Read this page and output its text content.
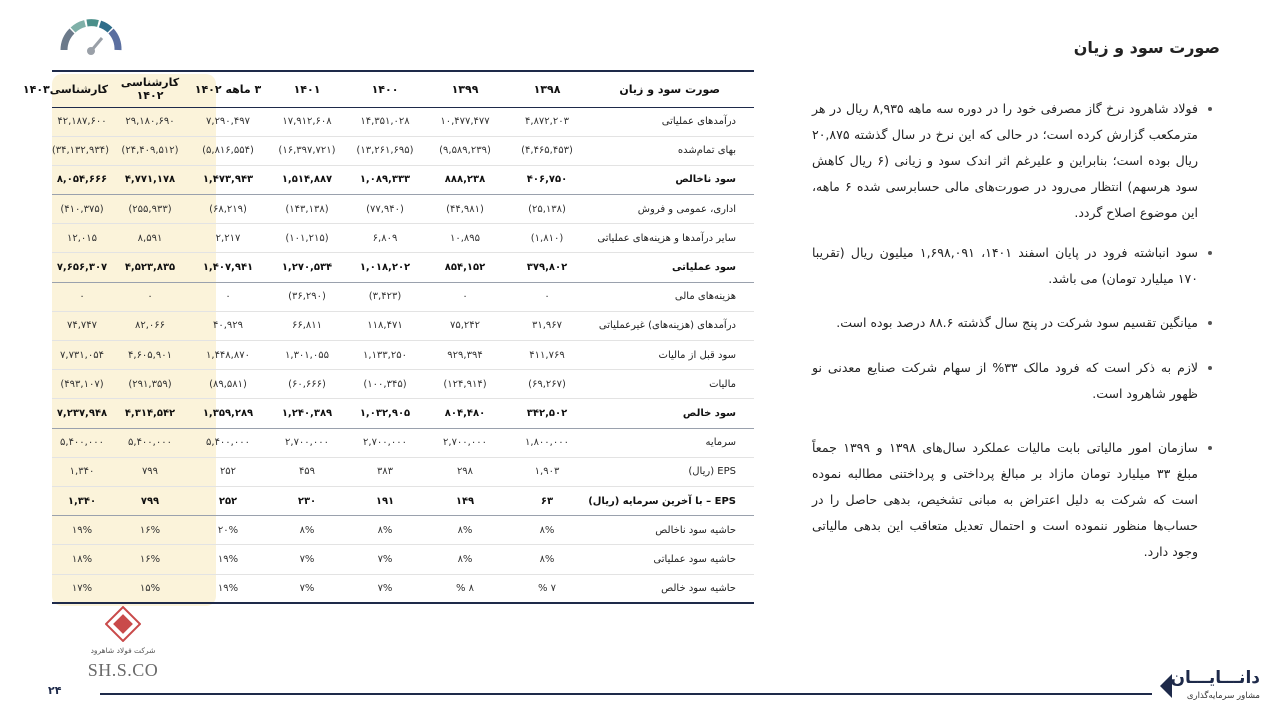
صورت سود و زیان
صورت سود و زیان	۱۳۹۸	۱۳۹۹	۱۴۰۰	۱۴۰۱	۳ ماهه ۱۴۰۲	کارشناسی ۱۴۰۲	کارشناسی۱۴۰۳
درآمدهای عملیاتی	۴,۸۷۲,۲۰۳	۱۰,۴۷۷,۴۷۷	۱۴,۳۵۱,۰۲۸	۱۷,۹۱۲,۶۰۸	۷,۲۹۰,۴۹۷	۲۹,۱۸۰,۶۹۰	۴۲,۱۸۷,۶۰۰
بهای تمام‌شده	(۴,۴۶۵,۴۵۳)	(۹,۵۸۹,۲۳۹)	(۱۳,۲۶۱,۶۹۵)	(۱۶,۳۹۷,۷۲۱)	(۵,۸۱۶,۵۵۴)	(۲۴,۴۰۹,۵۱۲)	(۳۴,۱۳۲,۹۳۴)
سود ناخالص	۴۰۶,۷۵۰	۸۸۸,۲۳۸	۱,۰۸۹,۳۳۳	۱,۵۱۴,۸۸۷	۱,۴۷۳,۹۴۳	۴,۷۷۱,۱۷۸	۸,۰۵۴,۶۶۶
اداری، عمومی و فروش	(۲۵,۱۳۸)	(۴۴,۹۸۱)	(۷۷,۹۴۰)	(۱۴۳,۱۳۸)	(۶۸,۲۱۹)	(۲۵۵,۹۳۳)	(۴۱۰,۳۷۵)
سایر درآمدها و هزینه‌های عملیاتی	(۱,۸۱۰)	۱۰,۸۹۵	۶,۸۰۹	(۱۰۱,۲۱۵)	۲,۲۱۷	۸,۵۹۱	۱۲,۰۱۵
سود عملیاتی	۳۷۹,۸۰۲	۸۵۴,۱۵۲	۱,۰۱۸,۲۰۲	۱,۲۷۰,۵۳۴	۱,۴۰۷,۹۴۱	۴,۵۲۳,۸۳۵	۷,۶۵۶,۳۰۷
هزینه‌های مالی	۰	۰	(۳,۴۲۳)	(۳۶,۲۹۰)	۰	۰	۰
درآمدهای (هزینه‌های) غیرعملیاتی	۳۱,۹۶۷	۷۵,۲۴۲	۱۱۸,۴۷۱	۶۶,۸۱۱	۴۰,۹۲۹	۸۲,۰۶۶	۷۴,۷۴۷
سود قبل از مالیات	۴۱۱,۷۶۹	۹۲۹,۳۹۴	۱,۱۳۳,۲۵۰	۱,۳۰۱,۰۵۵	۱,۴۴۸,۸۷۰	۴,۶۰۵,۹۰۱	۷,۷۳۱,۰۵۴
مالیات	(۶۹,۲۶۷)	(۱۲۴,۹۱۴)	(۱۰۰,۳۴۵)	(۶۰,۶۶۶)	(۸۹,۵۸۱)	(۲۹۱,۳۵۹)	(۴۹۳,۱۰۷)
سود خالص	۳۴۲,۵۰۲	۸۰۴,۴۸۰	۱,۰۳۲,۹۰۵	۱,۲۴۰,۳۸۹	۱,۳۵۹,۲۸۹	۴,۳۱۴,۵۴۲	۷,۲۳۷,۹۴۸
سرمایه	۱,۸۰۰,۰۰۰	۲,۷۰۰,۰۰۰	۲,۷۰۰,۰۰۰	۲,۷۰۰,۰۰۰	۵,۴۰۰,۰۰۰	۵,۴۰۰,۰۰۰	۵,۴۰۰,۰۰۰
EPS (ریال)	۱,۹۰۳	۲۹۸	۳۸۳	۴۵۹	۲۵۲	۷۹۹	۱,۳۴۰
EPS – با آخرین سرمایه (ریال)	۶۳	۱۴۹	۱۹۱	۲۳۰	۲۵۲	۷۹۹	۱,۳۴۰
حاشیه سود ناخالص	۸%	۸%	۸%	۸%	۲۰%	۱۶%	۱۹%
حاشیه سود عملیاتی	۸%	۸%	۷%	۷%	۱۹%	۱۶%	۱۸%
حاشیه سود خالص	۷ %	۸ %	۷%	۷%	۱۹%	۱۵%	۱۷%
فولاد شاهرود نرخ گاز مصرفی خود را در دوره سه ماهه ۸,۹۳۵ ریال در هر مترمکعب گزارش کرده است؛ در حالی که این نرخ در سال گذشته ۲۰,۸۷۵ ریال بوده است؛ بنابراین و علیرغم اثر اندک سود و زیانی (۶ ریال کاهش سود هرسهم) انتظار می‌رود در صورت‌های مالی حسابرسی شده ۶ ماهه، این موضوع اصلاح گردد.
سود انباشته فرود در پایان اسفند ۱۴۰۱، ۱,۶۹۸,۰۹۱ میلیون ریال (تقریبا ۱۷۰ میلیارد تومان) می باشد.
میانگین تقسیم سود شرکت در پنج سال گذشته ۸۸.۶ درصد بوده است.
لازم به ذکر است که فرود مالک ۳۳% از سهام شرکت صنایع معدنی نو ظهور شاهرود است.
سازمان امور مالیاتی بابت مالیات عملکرد سال‌های ۱۳۹۸ و ۱۳۹۹ جمعاً مبلغ ۳۳ میلیارد تومان مازاد بر مبالغ پرداختی و پرداختنی مطالبه نموده است که شرکت به دلیل اعتراض به مبانی تشخیص، بدهی حاصل را در حساب‌ها منظور ننموده است و احتمال تعدیل متعاقب این بدهی مالیاتی وجود دارد.
شرکت فولاد شاهرود
SH.S.CO
۲۴
دانـــایـــان
مشاور سرمایه‌گذاری
